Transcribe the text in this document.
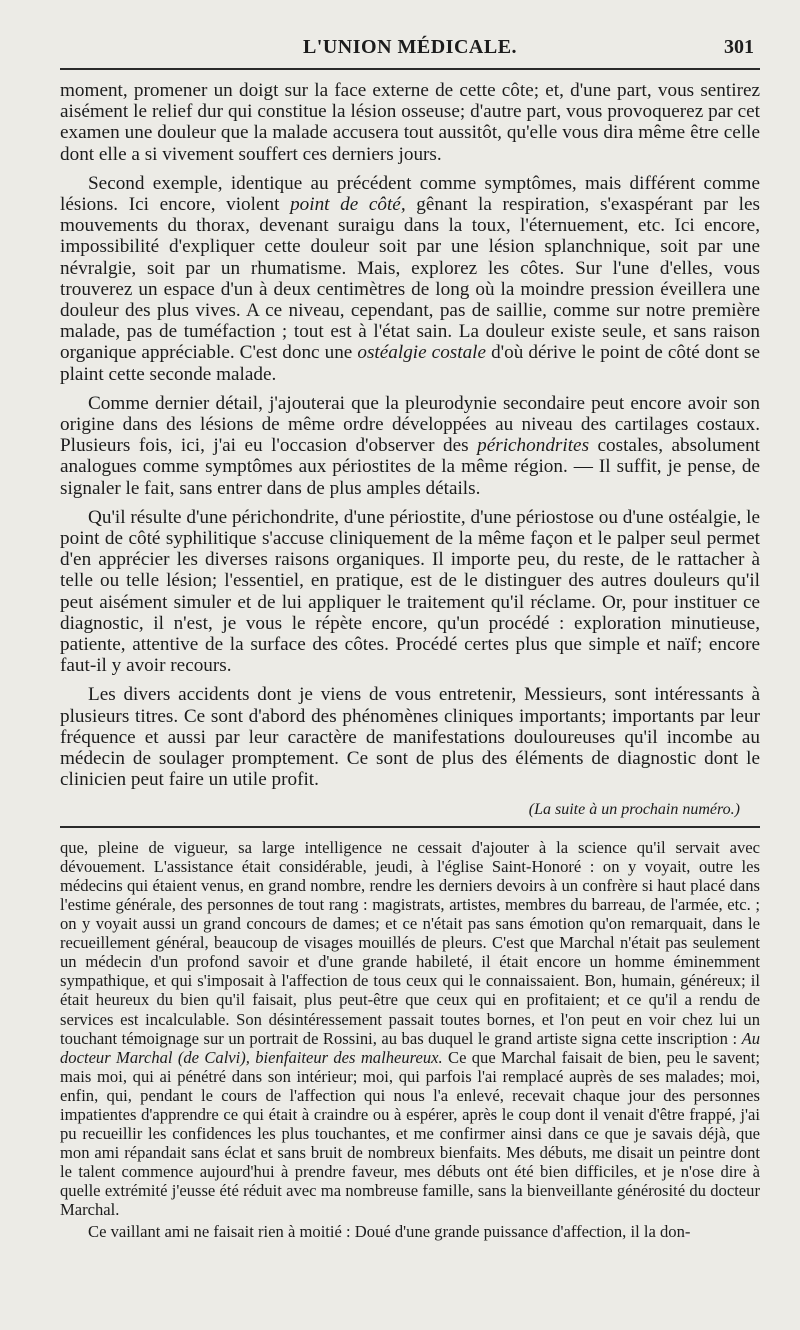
L'UNION MÉDICALE.	301

moment, promener un doigt sur la face externe de cette côte; et, d'une part, vous sentirez aisément le relief dur qui constitue la lésion osseuse; d'autre part, vous provoquerez par cet examen une douleur que la malade accusera tout aussitôt, qu'elle vous dira même être celle dont elle a si vivement souffert ces derniers jours.

Second exemple, identique au précédent comme symptômes, mais différent comme lésions. Ici encore, violent point de côté, gênant la respiration, s'exaspérant par les mouvements du thorax, devenant suraigu dans la toux, l'éternuement, etc. Ici encore, impossibilité d'expliquer cette douleur soit par une lésion splanchnique, soit par une névralgie, soit par un rhumatisme. Mais, explorez les côtes. Sur l'une d'elles, vous trouverez un espace d'un à deux centimètres de long où la moindre pression éveillera une douleur des plus vives. A ce niveau, cependant, pas de saillie, comme sur notre première malade, pas de tuméfaction ; tout est à l'état sain. La douleur existe seule, et sans raison organique appréciable. C'est donc une ostéalgie costale d'où dérive le point de côté dont se plaint cette seconde malade.

Comme dernier détail, j'ajouterai que la pleurodynie secondaire peut encore avoir son origine dans des lésions de même ordre développées au niveau des cartilages costaux. Plusieurs fois, ici, j'ai eu l'occasion d'observer des périchondrites costales, absolument analogues comme symptômes aux périostites de la même région. — Il suffit, je pense, de signaler le fait, sans entrer dans de plus amples détails.

Qu'il résulte d'une périchondrite, d'une périostite, d'une périostose ou d'une ostéalgie, le point de côté syphilitique s'accuse cliniquement de la même façon et le palper seul permet d'en apprécier les diverses raisons organiques. Il importe peu, du reste, de le rattacher à telle ou telle lésion; l'essentiel, en pratique, est de le distinguer des autres douleurs qu'il peut aisément simuler et de lui appliquer le traitement qu'il réclame. Or, pour instituer ce diagnostic, il n'est, je vous le répète encore, qu'un procédé : exploration minutieuse, patiente, attentive de la surface des côtes. Procédé certes plus que simple et naïf; encore faut-il y avoir recours.

Les divers accidents dont je viens de vous entretenir, Messieurs, sont intéressants à plusieurs titres. Ce sont d'abord des phénomènes cliniques importants; importants par leur fréquence et aussi par leur caractère de manifestations douloureuses qu'il incombe au médecin de soulager promptement. Ce sont de plus des éléments de diagnostic dont le clinicien peut faire un utile profit.

(La suite à un prochain numéro.)

que, pleine de vigueur, sa large intelligence ne cessait d'ajouter à la science qu'il servait avec dévouement. L'assistance était considérable, jeudi, à l'église Saint-Honoré : on y voyait, outre les médecins qui étaient venus, en grand nombre, rendre les derniers devoirs à un confrère si haut placé dans l'estime générale, des personnes de tout rang : magistrats, artistes, membres du barreau, de l'armée, etc. ; on y voyait aussi un grand concours de dames; et ce n'était pas sans émotion qu'on remarquait, dans le recueillement général, beaucoup de visages mouillés de pleurs. C'est que Marchal n'était pas seulement un médecin d'un profond savoir et d'une grande habileté, il était encore un homme éminemment sympathique, et qui s'imposait à l'affection de tous ceux qui le connaissaient. Bon, humain, généreux; il était heureux du bien qu'il faisait, plus peut-être que ceux qui en profitaient; et ce qu'il a rendu de services est incalculable. Son désintéressement passait toutes bornes, et l'on peut en voir chez lui un touchant témoignage sur un portrait de Rossini, au bas duquel le grand artiste signa cette inscription : Au docteur Marchal (de Calvi), bienfaiteur des malheureux. Ce que Marchal faisait de bien, peu le savent; mais moi, qui ai pénétré dans son intérieur; moi, qui parfois l'ai remplacé auprès de ses malades; moi, enfin, qui, pendant le cours de l'affection qui nous l'a enlevé, recevait chaque jour des personnes impatientes d'apprendre ce qui était à craindre ou à espérer, après le coup dont il venait d'être frappé, j'ai pu recueillir les confidences les plus touchantes, et me confirmer ainsi dans ce que je savais déjà, que mon ami répandait sans éclat et sans bruit de nombreux bienfaits. Mes débuts, me disait un peintre dont le talent commence aujourd'hui à prendre faveur, mes débuts ont été bien difficiles, et je n'ose dire à quelle extrémité j'eusse été réduit avec ma nombreuse famille, sans la bienveillante générosité du docteur Marchal.

Ce vaillant ami ne faisait rien à moitié : Doué d'une grande puissance d'affection, il la don-
